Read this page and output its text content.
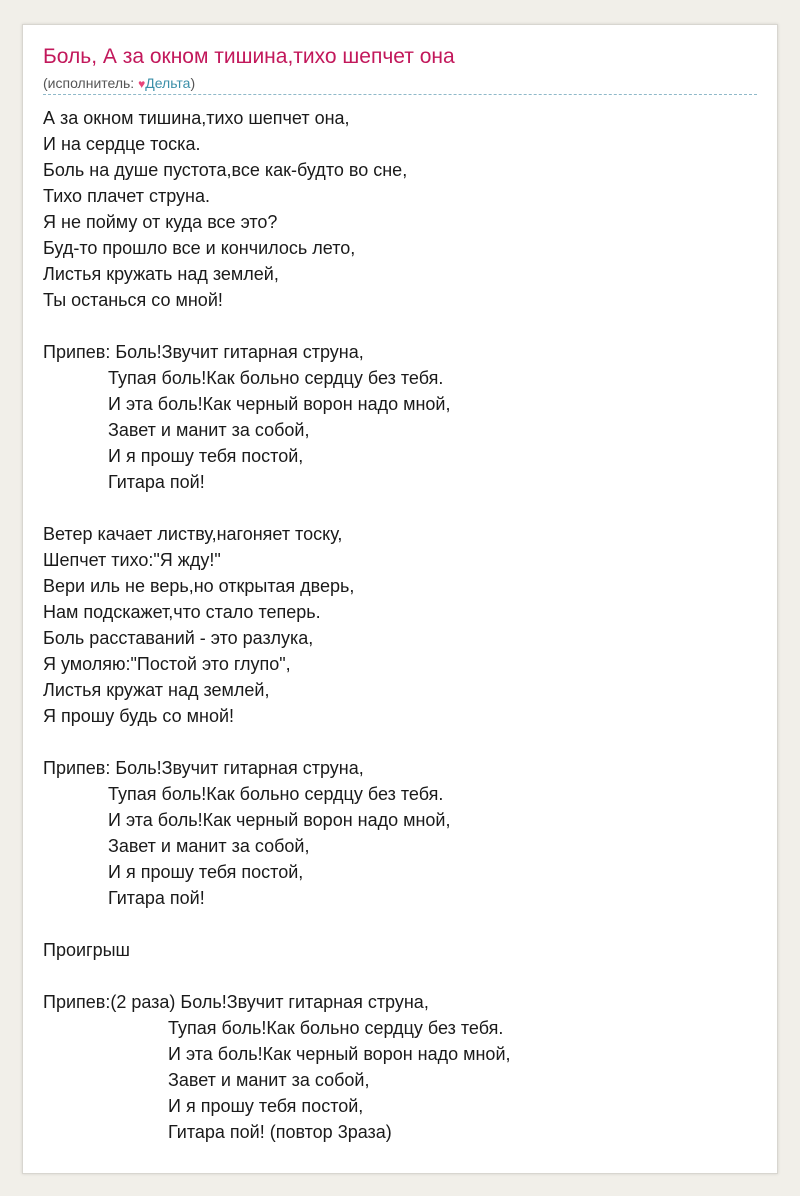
Боль, А за окном тишина,тихо шепчет она
(исполнитель: ♥Дельта)
А за окном тишина,тихо шепчет она,
И на сердце тоска.
Боль на душе пустота,все как-будто во сне,
Тихо плачет струна.
Я не пойму от куда все это?
Буд-то прошло все и кончилось лето,
Листья кружать над землей,
Ты останься со мной!
Припев: Боль!Звучит гитарная струна,
Тупая боль!Как больно сердцу без тебя.
И эта боль!Как черный ворон надо мной,
Завет и манит за собой,
И я прошу тебя постой,
Гитара пой!
Ветер качает листву,нагоняет тоску,
Шепчет тихо:"Я жду!"
Вери иль не верь,но открытая дверь,
Нам подскажет,что стало теперь.
Боль расставаний - это разлука,
Я умоляю:"Постой это глупо",
Листья кружат над землей,
Я прошу будь со мной!
Припев: Боль!Звучит гитарная струна,
Тупая боль!Как больно сердцу без тебя.
И эта боль!Как черный ворон надо мной,
Завет и манит за собой,
И я прошу тебя постой,
Гитара пой!
Проигрыш
Припев:(2 раза) Боль!Звучит гитарная струна,
Тупая боль!Как больно сердцу без тебя.
И эта боль!Как черный ворон надо мной,
Завет и манит за собой,
И я прошу тебя постой,
Гитара пой! (повтор 3раза)
